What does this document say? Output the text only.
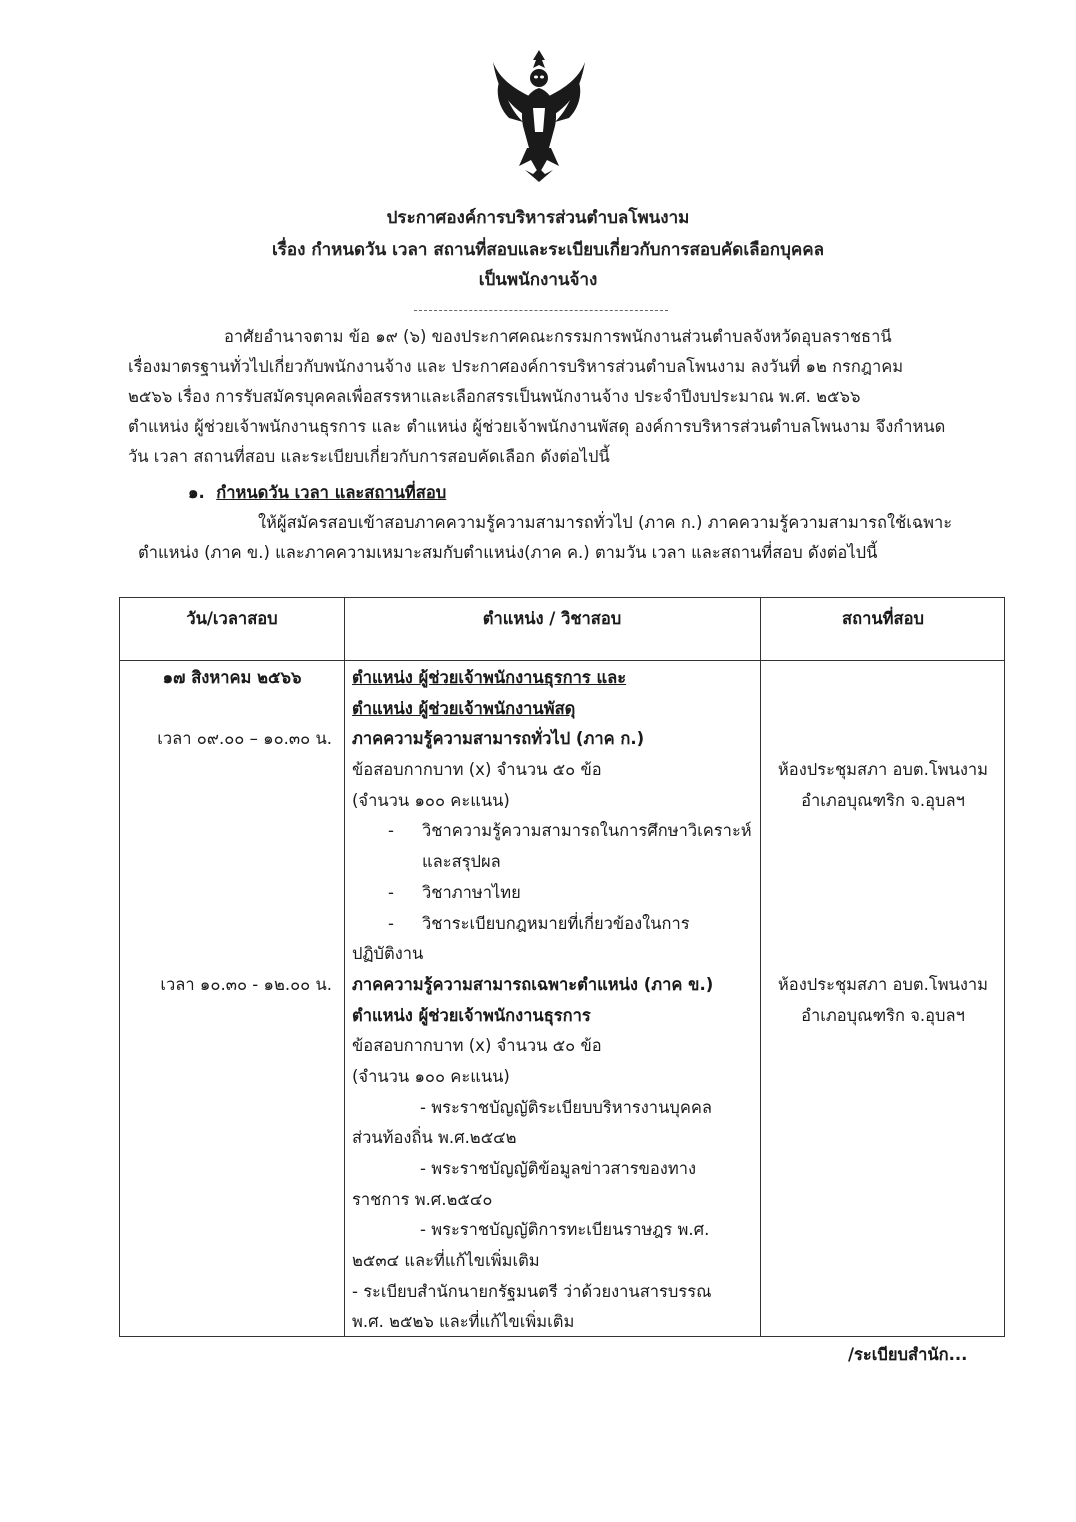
ประกาศองค์การบริหารส่วนตำบลโพนงาม
เรื่อง กำหนดวัน เวลา สถานที่สอบและระเบียบเกี่ยวกับการสอบคัดเลือกบุคคล
เป็นพนักงานจ้าง
อาศัยอำนาจตาม ข้อ ๑๙ (๖) ของประกาศคณะกรรมการพนักงานส่วนตำบลจังหวัดอุบลราชธานี
เรื่องมาตรฐานทั่วไปเกี่ยวกับพนักงานจ้าง และ ประกาศองค์การบริหารส่วนตำบลโพนงาม ลงวันที่ ๑๒ กรกฎาคม
๒๕๖๖ เรื่อง การรับสมัครบุคคลเพื่อสรรหาและเลือกสรรเป็นพนักงานจ้าง ประจำปีงบประมาณ พ.ศ. ๒๕๖๖
ตำแหน่ง ผู้ช่วยเจ้าพนักงานธุรการ และ ตำแหน่ง ผู้ช่วยเจ้าพนักงานพัสดุ องค์การบริหารส่วนตำบลโพนงาม จึงกำหนด
วัน เวลา สถานที่สอบ และระเบียบเกี่ยวกับการสอบคัดเลือก ดังต่อไปนี้
๑. กำหนดวัน เวลา และสถานที่สอบ
ให้ผู้สมัครสอบเข้าสอบภาคความรู้ความสามารถทั่วไป (ภาค ก.) ภาคความรู้ความสามารถใช้เฉพาะ
ตำแหน่ง (ภาค ข.) และภาคความเหมาะสมกับตำแหน่ง(ภาค ค.) ตามวัน เวลา และสถานที่สอบ ดังต่อไปนี้
วัน/เวลาสอบ	ตำแหน่ง / วิชาสอบ	สถานที่สอบ
๑๗ สิงหาคม ๒๕๖๖
เวลา ๐๙.๐๐ – ๑๐.๓๐ น.
เวลา ๑๐.๓๐ - ๑๒.๐๐ น.
ตำแหน่ง ผู้ช่วยเจ้าพนักงานธุรการ และ
ตำแหน่ง ผู้ช่วยเจ้าพนักงานพัสดุ
ภาคความรู้ความสามารถทั่วไป (ภาค ก.)
ข้อสอบกากบาท (x) จำนวน ๕๐ ข้อ
(จำนวน ๑๐๐ คะแนน)
- วิชาความรู้ความสามารถในการศึกษาวิเคราะห์
และสรุปผล
- วิชาภาษาไทย
- วิชาระเบียบกฎหมายที่เกี่ยวข้องในการ
ปฏิบัติงาน
ภาคความรู้ความสามารถเฉพาะตำแหน่ง (ภาค ข.)
ตำแหน่ง ผู้ช่วยเจ้าพนักงานธุรการ
ข้อสอบกากบาท (x) จำนวน ๕๐ ข้อ
(จำนวน ๑๐๐ คะแนน)
- พระราชบัญญัติระเบียบบริหารงานบุคคล
ส่วนท้องถิ่น พ.ศ.๒๕๔๒
- พระราชบัญญัติข้อมูลข่าวสารของทาง
ราชการ พ.ศ.๒๕๔๐
- พระราชบัญญัติการทะเบียนราษฎร พ.ศ.
๒๕๓๔ และที่แก้ไขเพิ่มเติม
- ระเบียบสำนักนายกรัฐมนตรี ว่าด้วยงานสารบรรณ
พ.ศ. ๒๕๒๖ และที่แก้ไขเพิ่มเติม
ห้องประชุมสภา อบต.โพนงาม
อำเภอบุณฑริก จ.อุบลฯ
ห้องประชุมสภา อบต.โพนงาม
อำเภอบุณฑริก จ.อุบลฯ
/ระเบียบสำนัก...
